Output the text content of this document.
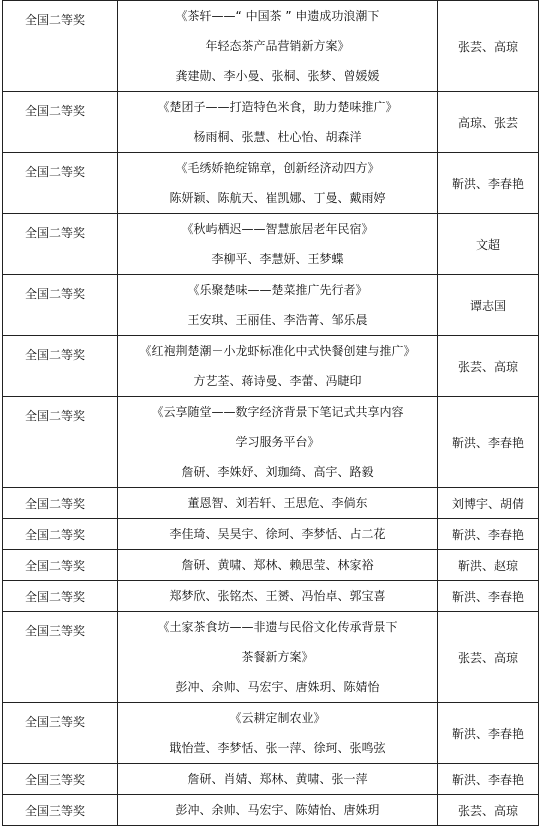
全国二等奖	《茶轩——“ 中国茶 ” 申遗成功浪潮下
年轻态茶产品营销新方案》
龚建勋、李小曼、张桐、张梦、曾媛媛	张芸、高琼
全国二等奖	《楚团子——打造特色米食，助力楚味推广》
杨雨桐、张慧、杜心怡、胡森洋	高琼、张芸
全国二等奖	《毛绣娇艳绽锦章，创新经济动四方》
陈妍颖、陈航天、崔凯娜、丁曼、戴雨婷	靳洪、李春艳
全国二等奖	《秋屿栖迟——智慧旅居老年民宿》
李柳平、李慧妍、王梦蝶	文超
全国二等奖	《乐聚楚味——楚菜推广先行者》
王安琪、王丽佳、李浩菁、邹乐晨	谭志国
全国二等奖	《红袍荆楚潮－小龙虾标准化中式快餐创建与推广》
方艺荃、蒋诗曼、李蕾、冯睫印	张芸、高琼
全国二等奖	《云享随堂——数字经济背景下笔记式共享内容
学习服务平台》
詹研、李姝妤、刘珈绮、高宇、路毅	靳洪、李春艳
全国二等奖	董恩智、刘若轩、王思危、李倘东	刘博宇、胡倩
全国二等奖	李佳琦、吴昊宇、徐珂、李梦恬、占二花	靳洪、李春艳
全国二等奖	詹研、黄啸、郑林、赖思莹、林家裕	靳洪、赵琼
全国二等奖	郑梦欣、张铭杰、王赟、冯怡卓、郭宝喜	靳洪、李春艳
全国三等奖	《土家茶食坊——非遗与民俗文化传承背景下
茶餐新方案》
彭冲、余帅、马宏宇、唐姝玥、陈婧怡	张芸、高琼
全国三等奖	《云耕定制农业》
戢怡萱、李梦恬、张一萍、徐珂、张鸣弦	靳洪、李春艳
全国三等奖	詹研、肖婧、郑林、黄啸、张一萍	靳洪、李春艳
全国三等奖	彭冲、余帅、马宏宇、陈婧怡、唐姝玥	张芸、高琼
